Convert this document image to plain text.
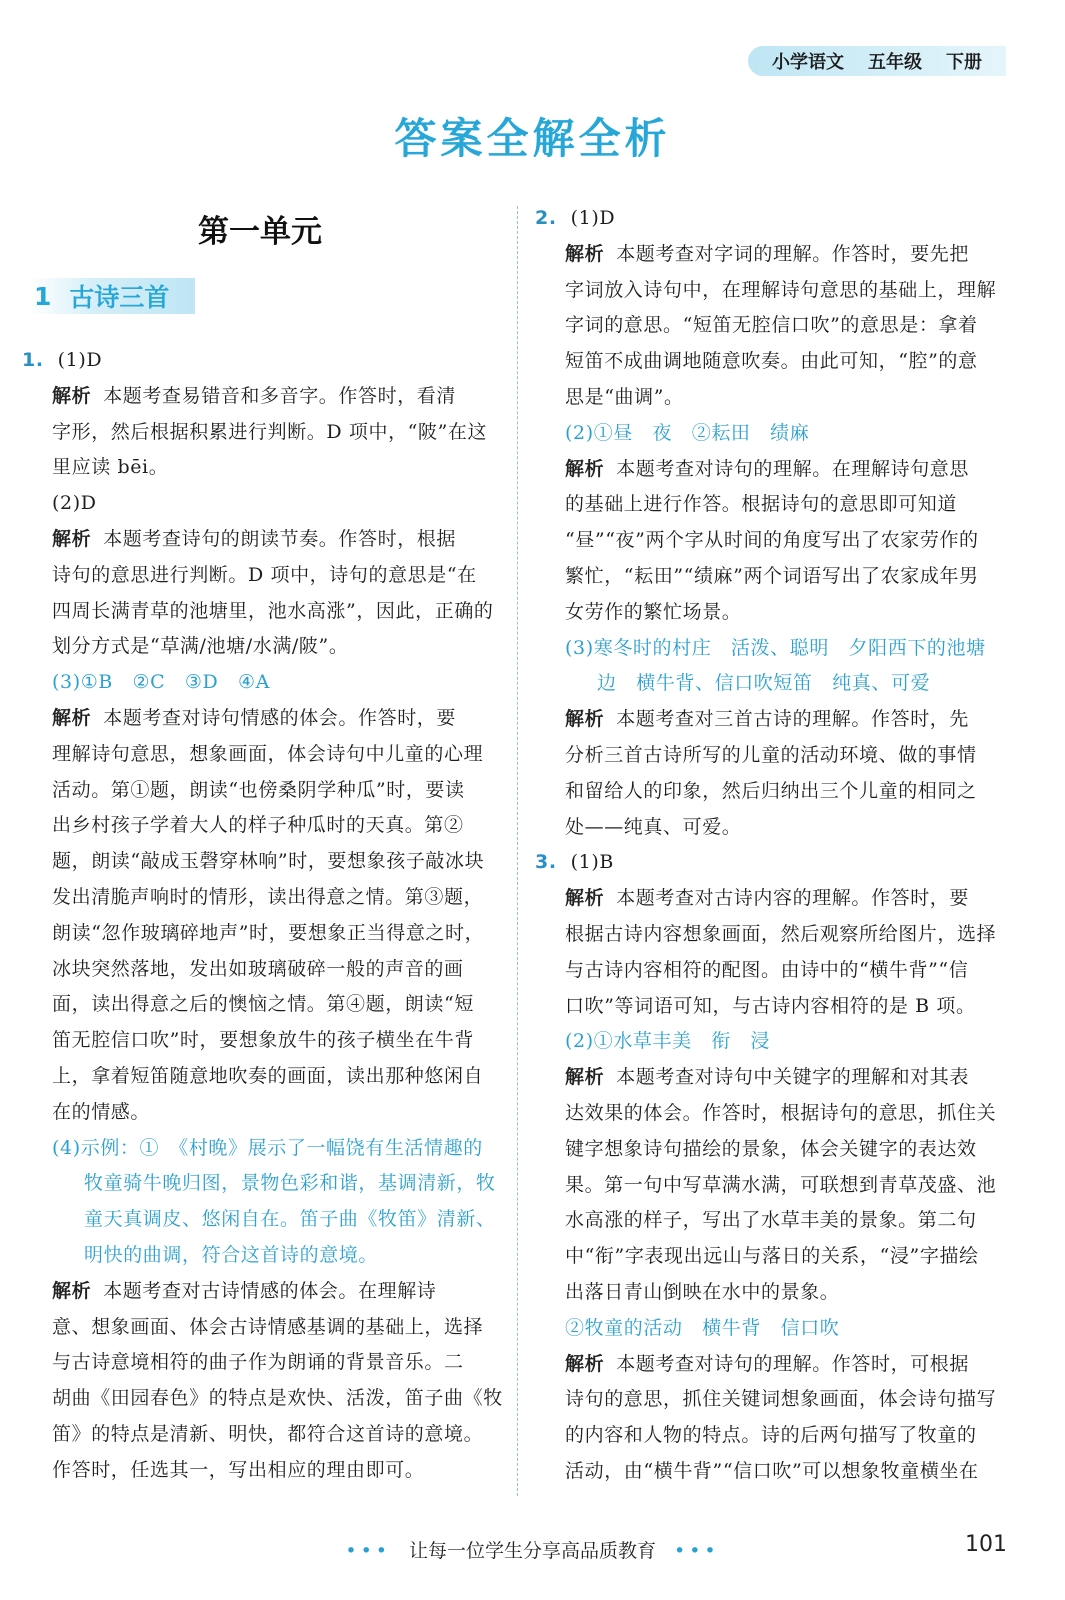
小学语文 五年级 下册
答案全解全析
第一单元
1 古诗三首
1. (1)D
解析 本题考查易错音和多音字。作答时，看清
字形，然后根据积累进行判断。D 项中，“陂”在这
里应读 bēi。
(2)D
解析 本题考查诗句的朗读节奏。作答时，根据
诗句的意思进行判断。D 项中，诗句的意思是“在
四周长满青草的池塘里，池水高涨”，因此，正确的
划分方式是“草满/池塘/水满/陂”。
(3)①B　②C　③D　④A
解析 本题考查对诗句情感的体会。作答时，要
理解诗句意思，想象画面，体会诗句中儿童的心理
活动。第①题，朗读“也傍桑阴学种瓜”时，要读
出乡村孩子学着大人的样子种瓜时的天真。第②
题，朗读“敲成玉磬穿林响”时，要想象孩子敲冰块
发出清脆声响时的情形，读出得意之情。第③题，
朗读“忽作玻璃碎地声”时，要想象正当得意之时，
冰块突然落地，发出如玻璃破碎一般的声音的画
面，读出得意之后的懊恼之情。第④题，朗读“短
笛无腔信口吹”时，要想象放牛的孩子横坐在牛背
上，拿着短笛随意地吹奏的画面，读出那种悠闲自
在的情感。
(4)示例：①　《村晚》展示了一幅饶有生活情趣的
牧童骑牛晚归图，景物色彩和谐，基调清新，牧
童天真调皮、悠闲自在。笛子曲《牧笛》清新、
明快的曲调，符合这首诗的意境。
解析 本题考查对古诗情感的体会。在理解诗
意、想象画面、体会古诗情感基调的基础上，选择
与古诗意境相符的曲子作为朗诵的背景音乐。二
胡曲《田园春色》的特点是欢快、活泼，笛子曲《牧
笛》的特点是清新、明快，都符合这首诗的意境。
作答时，任选其一，写出相应的理由即可。
2. (1)D
解析 本题考查对字词的理解。作答时，要先把
字词放入诗句中，在理解诗句意思的基础上，理解
字词的意思。“短笛无腔信口吹”的意思是：拿着
短笛不成曲调地随意吹奏。由此可知，“腔”的意
思是“曲调”。
(2)①昼　夜　②耘田　绩麻
解析 本题考查对诗句的理解。在理解诗句意思
的基础上进行作答。根据诗句的意思即可知道
“昼”“夜”两个字从时间的角度写出了农家劳作的
繁忙，“耘田”“绩麻”两个词语写出了农家成年男
女劳作的繁忙场景。
(3)寒冬时的村庄　活泼、聪明　夕阳西下的池塘
边　横牛背、信口吹短笛　纯真、可爱
解析 本题考查对三首古诗的理解。作答时，先
分析三首古诗所写的儿童的活动环境、做的事情
和留给人的印象，然后归纳出三个儿童的相同之
处——纯真、可爱。
3. (1)B
解析 本题考查对古诗内容的理解。作答时，要
根据古诗内容想象画面，然后观察所给图片，选择
与古诗内容相符的配图。由诗中的“横牛背”“信
口吹”等词语可知，与古诗内容相符的是 B 项。
(2)①水草丰美　衔　浸
解析 本题考查对诗句中关键字的理解和对其表
达效果的体会。作答时，根据诗句的意思，抓住关
键字想象诗句描绘的景象，体会关键字的表达效
果。第一句中写草满水满，可联想到青草茂盛、池
水高涨的样子，写出了水草丰美的景象。第二句
中“衔”字表现出远山与落日的关系，“浸”字描绘
出落日青山倒映在水中的景象。
②牧童的活动　横牛背　信口吹
解析 本题考查对诗句的理解。作答时，可根据
诗句的意思，抓住关键词想象画面，体会诗句描写
的内容和人物的特点。诗的后两句描写了牧童的
活动，由“横牛背”“信口吹”可以想象牧童横坐在
••• 让每一位学生分享高品质教育 •••	101
